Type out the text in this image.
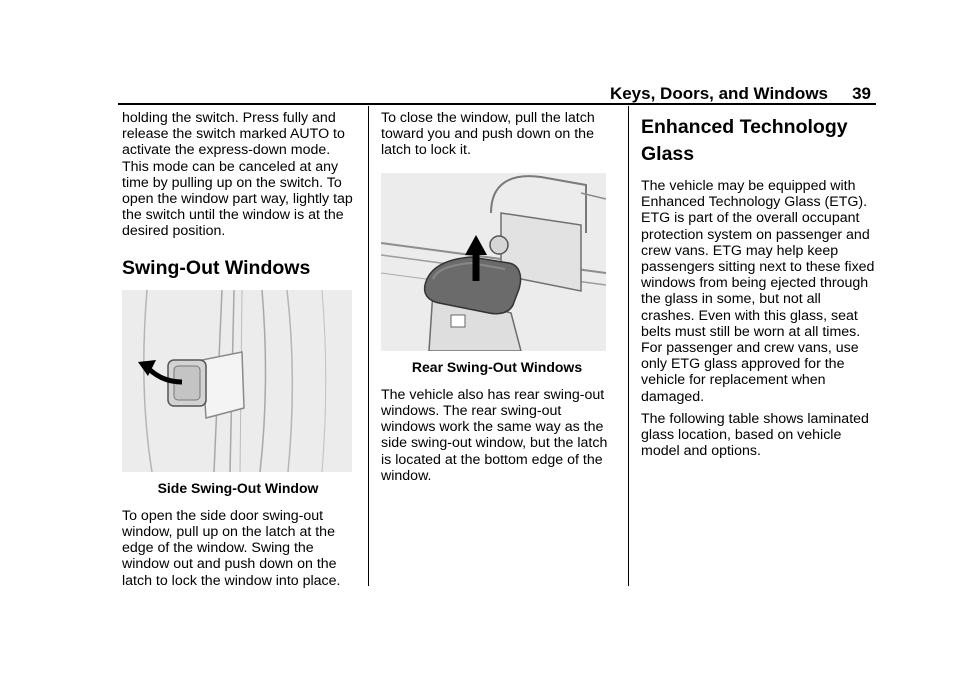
Keys, Doors, and Windows 39

holding the switch. Press fully and release the switch marked AUTO to activate the express-down mode. This mode can be canceled at any time by pulling up on the switch. To open the window part way, lightly tap the switch until the window is at the desired position.

Swing-Out Windows
Side Swing-Out Window

To open the side door swing-out window, pull up on the latch at the edge of the window. Swing the window out and push down on the latch to lock the window into place.

To close the window, pull the latch toward you and push down on the latch to lock it.

Rear Swing-Out Windows

The vehicle also has rear swing-out windows. The rear swing-out windows work the same way as the side swing-out window, but the latch is located at the bottom edge of the window.

Enhanced Technology Glass

The vehicle may be equipped with Enhanced Technology Glass (ETG). ETG is part of the overall occupant protection system on passenger and crew vans. ETG may help keep passengers sitting next to these fixed windows from being ejected through the glass in some, but not all crashes. Even with this glass, seat belts must still be worn at all times. For passenger and crew vans, use only ETG glass approved for the vehicle for replacement when damaged.

The following table shows laminated glass location, based on vehicle model and options.
